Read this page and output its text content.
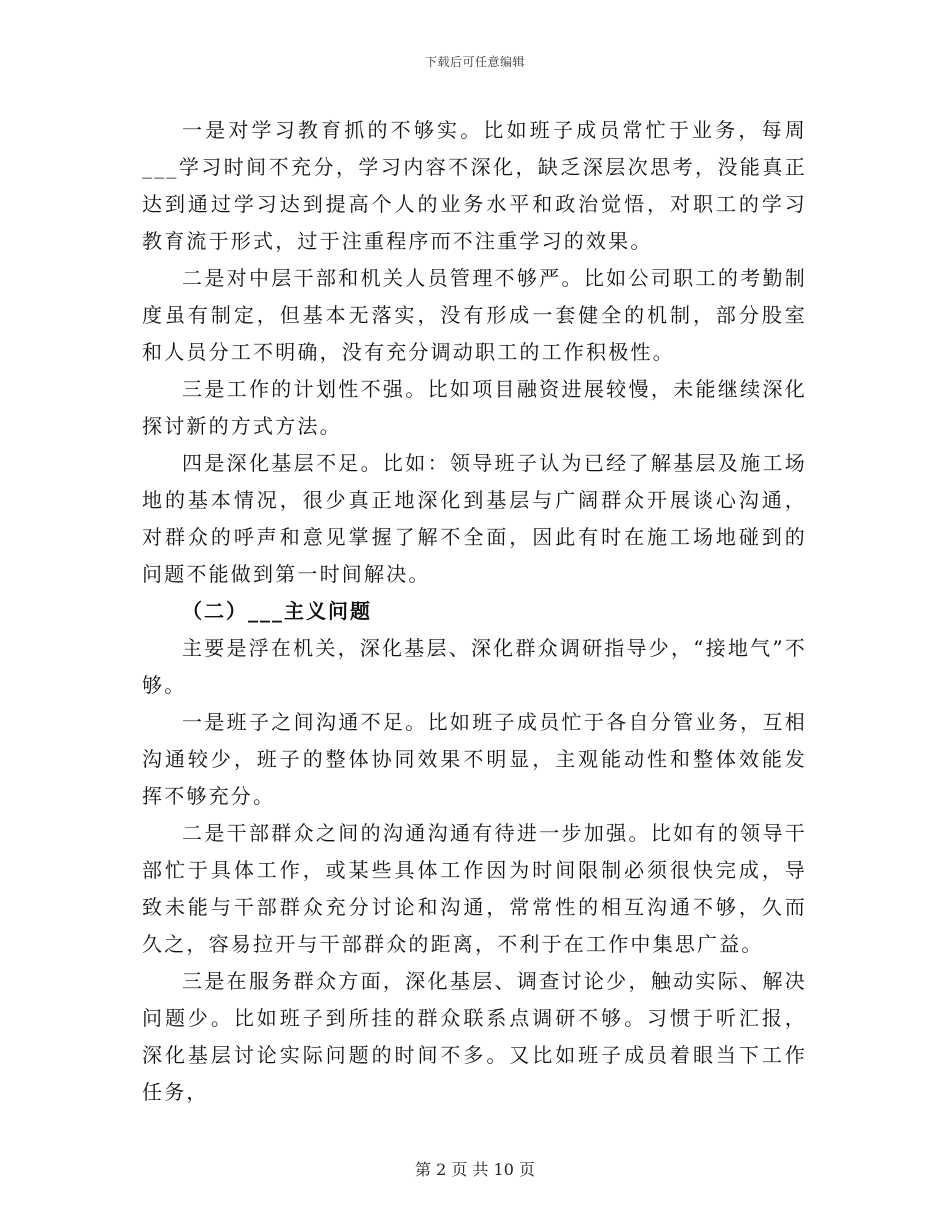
下载后可任意编辑

一是对学习教育抓的不够实。比如班子成员常忙于业务，每周___学习时间不充分，学习内容不深化，缺乏深层次思考，没能真正达到通过学习达到提高个人的业务水平和政治觉悟，对职工的学习教育流于形式，过于注重程序而不注重学习的效果。

二是对中层干部和机关人员管理不够严。比如公司职工的考勤制度虽有制定，但基本无落实，没有形成一套健全的机制，部分股室和人员分工不明确，没有充分调动职工的工作积极性。

三是工作的计划性不强。比如项目融资进展较慢，未能继续深化探讨新的方式方法。

四是深化基层不足。比如：领导班子认为已经了解基层及施工场地的基本情况，很少真正地深化到基层与广阔群众开展谈心沟通，对群众的呼声和意见掌握了解不全面，因此有时在施工场地碰到的问题不能做到第一时间解决。

（二）___主义问题

主要是浮在机关，深化基层、深化群众调研指导少，“接地气”不够。

一是班子之间沟通不足。比如班子成员忙于各自分管业务，互相沟通较少，班子的整体协同效果不明显，主观能动性和整体效能发挥不够充分。

二是干部群众之间的沟通沟通有待进一步加强。比如有的领导干部忙于具体工作，或某些具体工作因为时间限制必须很快完成，导致未能与干部群众充分讨论和沟通，常常性的相互沟通不够，久而久之，容易拉开与干部群众的距离，不利于在工作中集思广益。

三是在服务群众方面，深化基层、调查讨论少，触动实际、解决问题少。比如班子到所挂的群众联系点调研不够。习惯于听汇报，深化基层讨论实际问题的时间不多。又比如班子成员着眼当下工作任务，

第 2 页 共 10 页
